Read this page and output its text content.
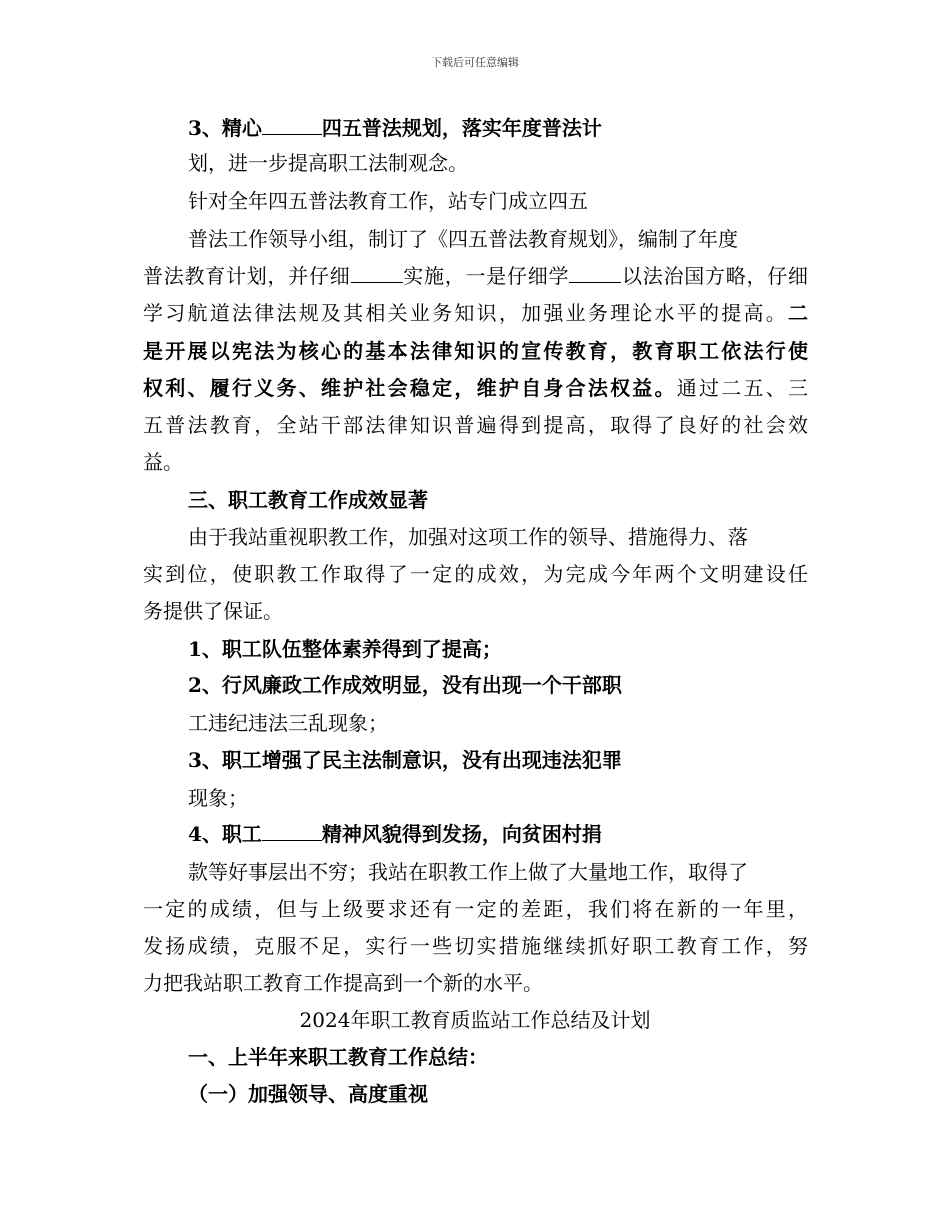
下载后可任意编辑
3、精心	四五普法规划，落实年度普法计
划，进一步提高职工法制观念。
针对全年四五普法教育工作，站专门成立四五
普法工作领导小组，制订了《四五普法教育规划》，编制了年度
普法教育计划，并仔细	实施，一是仔细学	以法治国方略，仔细
学习航道法律法规及其相关业务知识，加强业务理论水平的提高。二
是开展以宪法为核心的基本法律知识的宣传教育，教育职工依法行使
权利、履行义务、维护社会稳定，维护自身合法权益。通过二五、三
五普法教育，全站干部法律知识普遍得到提高，取得了良好的社会效
益。
三、职工教育工作成效显著
由于我站重视职教工作，加强对这项工作的领导、措施得力、落
实到位，使职教工作取得了一定的成效，为完成今年两个文明建设任
务提供了保证。
1、职工队伍整体素养得到了提高；
2、行风廉政工作成效明显，没有出现一个干部职
工违纪违法三乱现象；
3、职工增强了民主法制意识，没有出现违法犯罪
现象；
4、职工	精神风貌得到发扬，向贫困村捐
款等好事层出不穷；我站在职教工作上做了大量地工作，取得了
一定的成绩，但与上级要求还有一定的差距，我们将在新的一年里，
发扬成绩，克服不足，实行一些切实措施继续抓好职工教育工作，努
力把我站职工教育工作提高到一个新的水平。
2024年职工教育质监站工作总结及计划
一、上半年来职工教育工作总结：
（一）加强领导、高度重视
